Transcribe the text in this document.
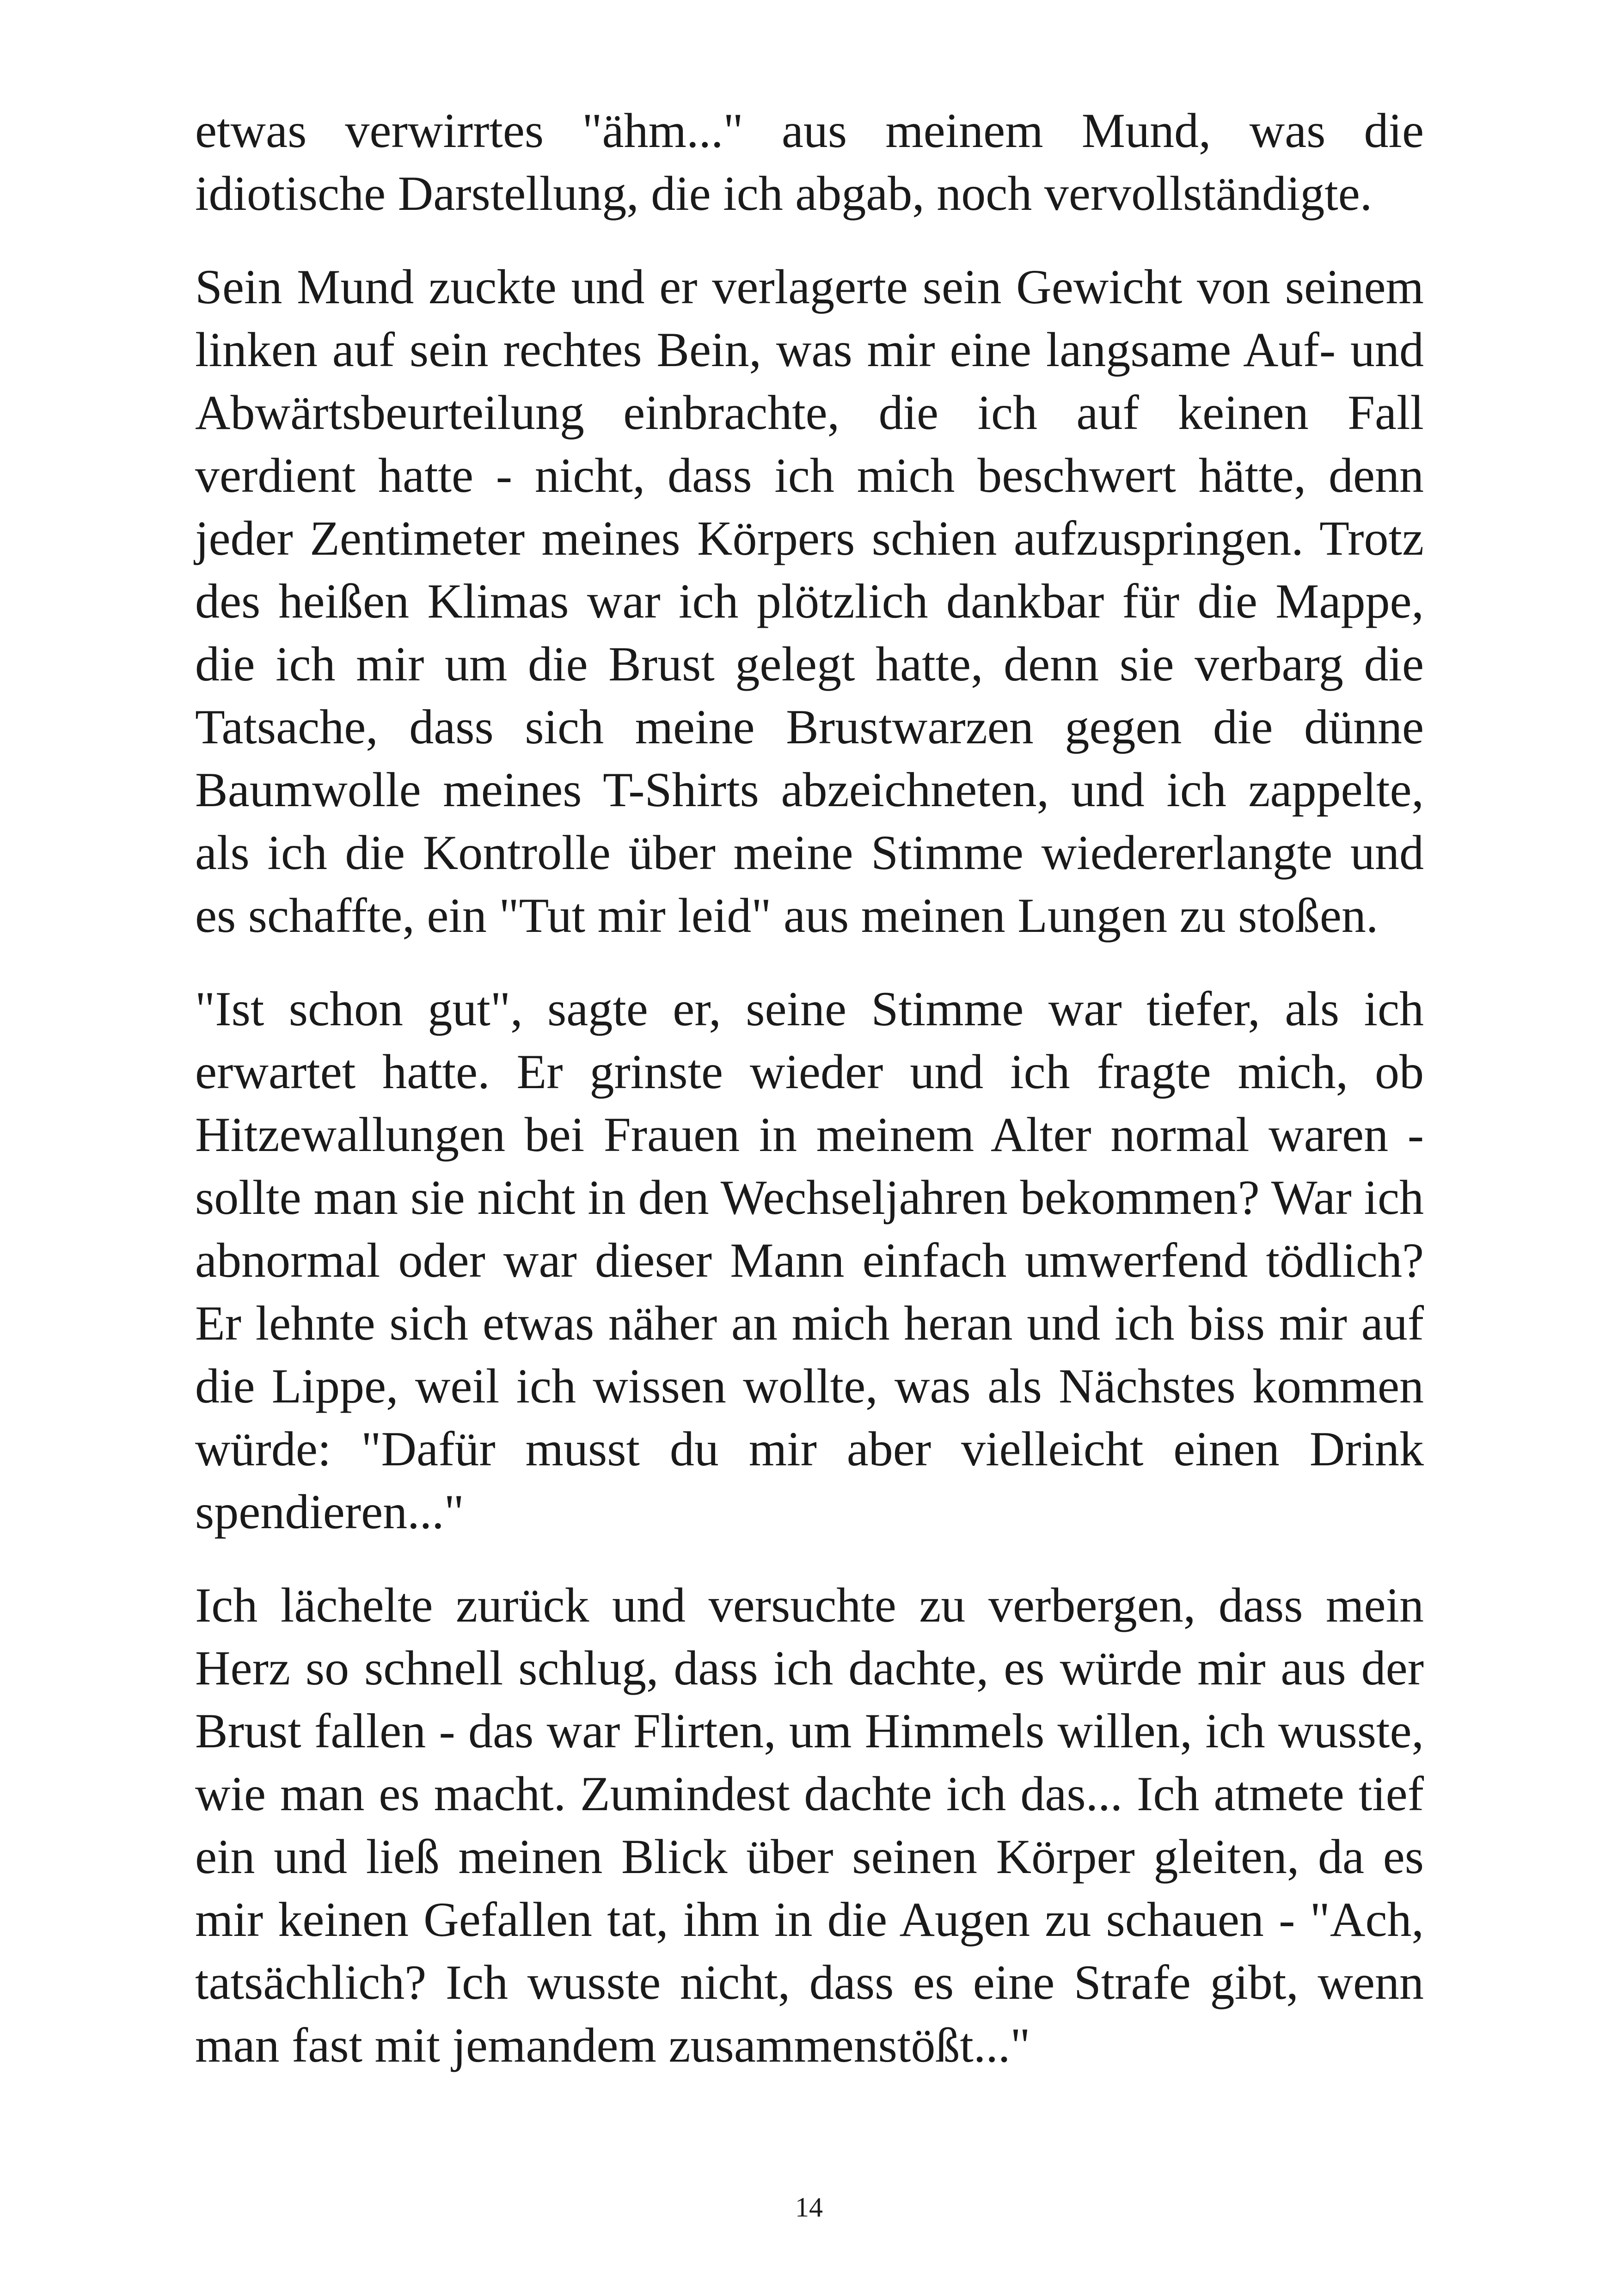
etwas verwirrtes "ähm..." aus meinem Mund, was die idiotische Darstellung, die ich abgab, noch vervollständigte.

Sein Mund zuckte und er verlagerte sein Gewicht von seinem linken auf sein rechtes Bein, was mir eine langsame Auf- und Abwärtsbeurteilung einbrachte, die ich auf keinen Fall verdient hatte - nicht, dass ich mich beschwert hätte, denn jeder Zentimeter meines Körpers schien aufzuspringen. Trotz des heißen Klimas war ich plötzlich dankbar für die Mappe, die ich mir um die Brust gelegt hatte, denn sie verbarg die Tatsache, dass sich meine Brustwarzen gegen die dünne Baumwolle meines T-Shirts abzeichneten, und ich zappelte, als ich die Kontrolle über meine Stimme wiedererlangte und es schaffte, ein "Tut mir leid" aus meinen Lungen zu stoßen.

"Ist schon gut", sagte er, seine Stimme war tiefer, als ich erwartet hatte. Er grinste wieder und ich fragte mich, ob Hitzewallungen bei Frauen in meinem Alter normal waren - sollte man sie nicht in den Wechseljahren bekommen? War ich abnormal oder war dieser Mann einfach umwerfend tödlich? Er lehnte sich etwas näher an mich heran und ich biss mir auf die Lippe, weil ich wissen wollte, was als Nächstes kommen würde: "Dafür musst du mir aber vielleicht einen Drink spendieren..."

Ich lächelte zurück und versuchte zu verbergen, dass mein Herz so schnell schlug, dass ich dachte, es würde mir aus der Brust fallen - das war Flirten, um Himmels willen, ich wusste, wie man es macht. Zumindest dachte ich das... Ich atmete tief ein und ließ meinen Blick über seinen Körper gleiten, da es mir keinen Gefallen tat, ihm in die Augen zu schauen - "Ach, tatsächlich? Ich wusste nicht, dass es eine Strafe gibt, wenn man fast mit jemandem zusammenstößt..."

14
